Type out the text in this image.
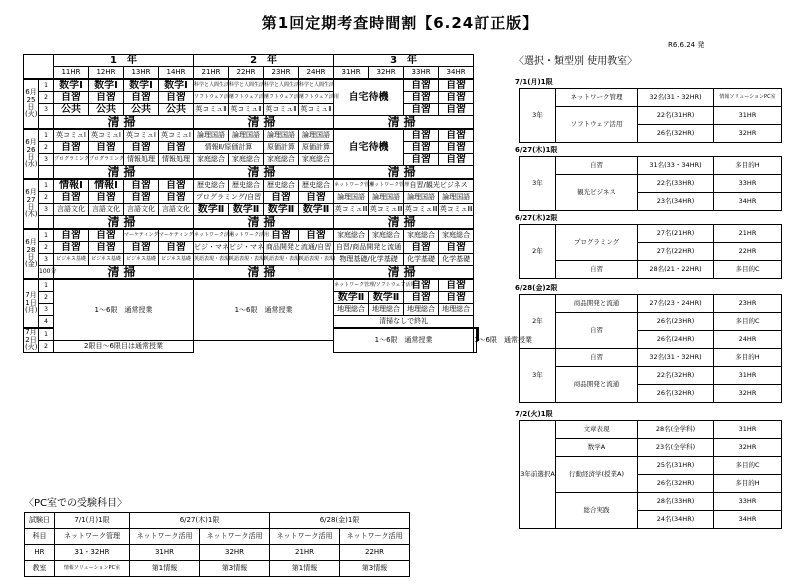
第1回定期考査時間割【6.24訂正版】
R6.6.24 発
		1　年				2　年				3　年					
		11HR	12HR	13HR	14HR	21HR	22HR	23HR	24HR	31HR	32HR	33HR	34HR		
6月25日(火)	1	数学Ⅰ	数学Ⅰ	数学Ⅰ	数学Ⅰ	科学と人間生活	科学と人間生活	科学と人間生活	科学と人間生活	自宅待機		自習	自習		
	2	自習	自習	自習	自習	ソフトウェア活用	ソフトウェア活用	ソフトウェア活用	ソフトウェア活用			自習	自習		
	3	公共	公共	公共	公共	英コミュⅡ	英コミュⅡ	英コミュⅡ	英コミュⅡ			自習	自習		
		清掃				清掃				清掃					
6月26日(水)	1	英コミュⅠ	英コミュⅠ	英コミュⅠ	英コミュⅠ	論理国語	論理国語	論理国語	論理国語	自宅待機		自習	自習		
	2	自習	自習	自習	自習	情報Ⅱ/原価計算		原価計算	原価計算			自習	自習		
	3	プログラミング	プログラミング	情報処理	情報処理	家庭総合	家庭総合	家庭総合	家庭総合			自習	自習		
		清掃				清掃				清掃					
6月27日(木)	1	情報Ⅰ	情報Ⅰ	自習	自習	歴史総合	歴史総合	歴史総合	歴史総合	ネットワーク管理	ネットワーク管理	自習/観光ビジネス			
	2	自習	自習	自習	自習	プログラミング/自習		自習	自習	論理国語	論理国語	論理国語	論理国語		
	3	言語文化	言語文化	言語文化	言語文化	数学Ⅱ	数学Ⅱ	数学Ⅱ	数学Ⅱ	英コミュⅢ	英コミュⅢ	英コミュⅢ	英コミュⅢ		
		清掃				清掃				清掃					
6月28日(金)	1	自習	自習	マーケティング	マーケティング	ネットワーク活用	ネットワーク活用	自習	自習	家庭総合	家庭総合	家庭総合	家庭総合		
	2	自習	自習	自習	自習	ビジ・マネ	ビジ・マネ	商品開発と流通/自習		自習/商品開発と流通		自習	自習		
	3	ビジネス基礎	ビジネス基礎	ビジネス基礎	ビジネス基礎	英語表現・表現Ⅰ	英語表現・表現Ⅰ	英語表現・表現Ⅰ	英語表現・表現Ⅰ	物理基礎/化学基礎		化学基礎	化学基礎		
	100分	清掃				清掃				清掃					
7月1日(月)	1	1～6限　通常授業				1～6限　通常授業				ネットワーク管理/ソフトウェア活用		自習	自習		
	2									数学Ⅱ	数学Ⅱ	自習	自習		
	3									地理総合	地理総合	地理総合	地理総合		
	4									清掃なしで終礼					
7月2日(火)	1									1～6限　通常授業				1～6限　通常授業				
	2	2限目～6限目は通常授業													
〈PC室での受験科目〉
試験日	7/1(月)1限	6/27(木)1限		6/28(金)1限	
科目	ネットワーク管理	ネットワーク活用	ネットワーク活用	ネットワーク活用	ネットワーク活用
HR	31・32HR	31HR	32HR	21HR	22HR
教室	情報ソリューションPC室	第1情報	第3情報	第1情報	第3情報
〈選択・類型別 使用教室〉
7/1(月)1限
3年	ネットワーク管理	32名(31・32HR)	情報ソリューションPC室
	ソフトウェア活用	22名(31HR)	31HR
		26名(32HR)	32HR
6/27(木)1限
3年	自習	31名(33・34HR)	多目的H
	観光ビジネス	22名(33HR)	33HR
		23名(34HR)	34HR
6/27(木)2限
2年	プログラミング	27名(21HR)	21HR
		27名(22HR)	22HR
	自習	28名(21・22HR)	多目的C
6/28(金)2限
2年	商品開発と流通	27名(23・24HR)	23HR
	自習	26名(23HR)	多目的C
		26名(24HR)	24HR
3年	自習	32名(31・32HR)	多目的H
	商品開発と流通	22名(32HR)	31HR
		26名(32HR)	32HR
7/2(火)1限
3年前選択A	文章表現	28名(全学科)	31HR
	数学A	23名(全学科)	32HR
	行動経済学(授業A)	25名(31HR)	多目的C
		26名(32HR)	多目的H
	総合実践	28名(33HR)	33HR
		24名(34HR)	34HR
